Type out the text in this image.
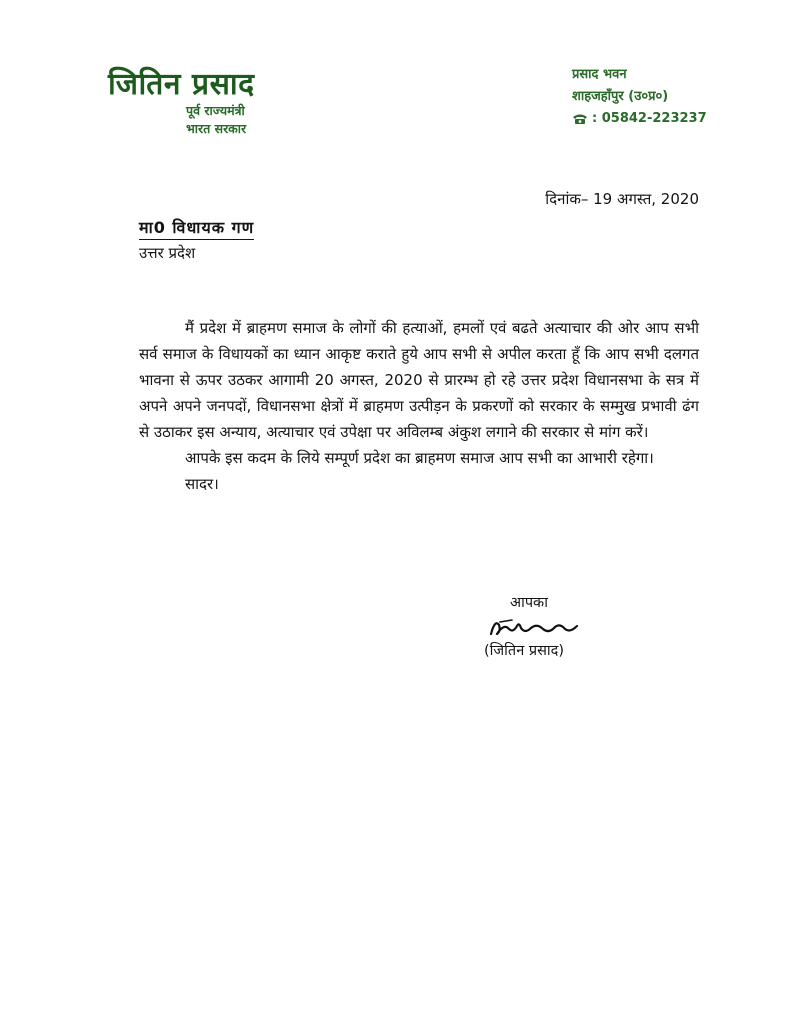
जितिन प्रसाद
पूर्व राज्यमंत्री
भारत सरकार
प्रसाद भवन
शाहजहाँपुर (उ०प्र०)
: 05842-223237
दिनांक– 19 अगस्त, 2020
मा0 विधायक गण
उत्तर प्रदेश

मैं प्रदेश में ब्राहमण समाज के लोगों की हत्याओं, हमलों एवं बढते अत्याचार की ओर आप सभी सर्व समाज के विधायकों का ध्यान आकृष्ट कराते हुये आप सभी से अपील करता हूँ कि आप सभी दलगत भावना से ऊपर उठकर आगामी 20 अगस्त, 2020 से प्रारम्भ हो रहे उत्तर प्रदेश विधानसभा के सत्र में अपने अपने जनपदों, विधानसभा क्षेत्रों में ब्राहमण उत्पीड़न के प्रकरणों को सरकार के सम्मुख प्रभावी ढंग से उठाकर इस अन्याय, अत्याचार एवं उपेक्षा पर अविलम्ब अंकुश लगाने की सरकार से मांग करें।

आपके इस कदम के लिये सम्पूर्ण प्रदेश का ब्राहमण समाज आप सभी का आभारी रहेगा।

सादर।

आपका
(जितिन प्रसाद)
